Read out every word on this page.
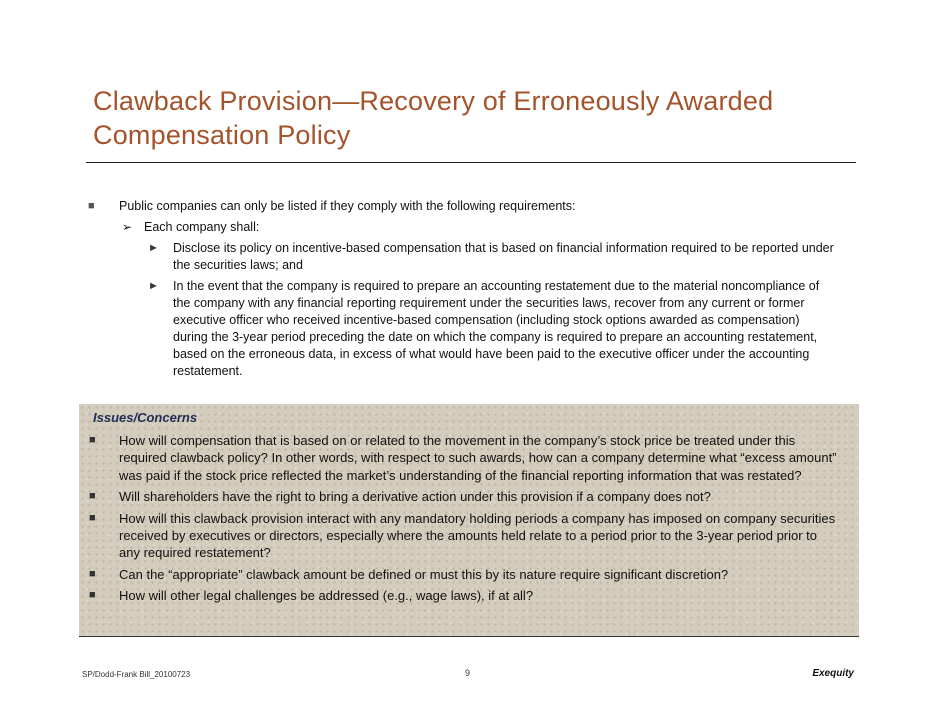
Clawback Provision—Recovery of Erroneously Awarded
Compensation Policy
■ Public companies can only be listed if they comply with the following requirements:
➢ Each company shall:
► Disclose its policy on incentive-based compensation that is based on financial information required to be reported under the securities laws; and
► In the event that the company is required to prepare an accounting restatement due to the material noncompliance of the company with any financial reporting requirement under the securities laws, recover from any current or former executive officer who received incentive-based compensation (including stock options awarded as compensation) during the 3-year period preceding the date on which the company is required to prepare an accounting restatement, based on the erroneous data, in excess of what would have been paid to the executive officer under the accounting restatement.
Issues/Concerns
■ How will compensation that is based on or related to the movement in the company’s stock price be treated under this required clawback policy? In other words, with respect to such awards, how can a company determine what “excess amount” was paid if the stock price reflected the market’s understanding of the financial reporting information that was restated?
■ Will shareholders have the right to bring a derivative action under this provision if a company does not?
■ How will this clawback provision interact with any mandatory holding periods a company has imposed on company securities received by executives or directors, especially where the amounts held relate to a period prior to the 3-year period prior to any required restatement?
■ Can the “appropriate” clawback amount be defined or must this by its nature require significant discretion?
■ How will other legal challenges be addressed (e.g., wage laws), if at all?
SP/Dodd-Frank Bill_20100723	9	Exequity
